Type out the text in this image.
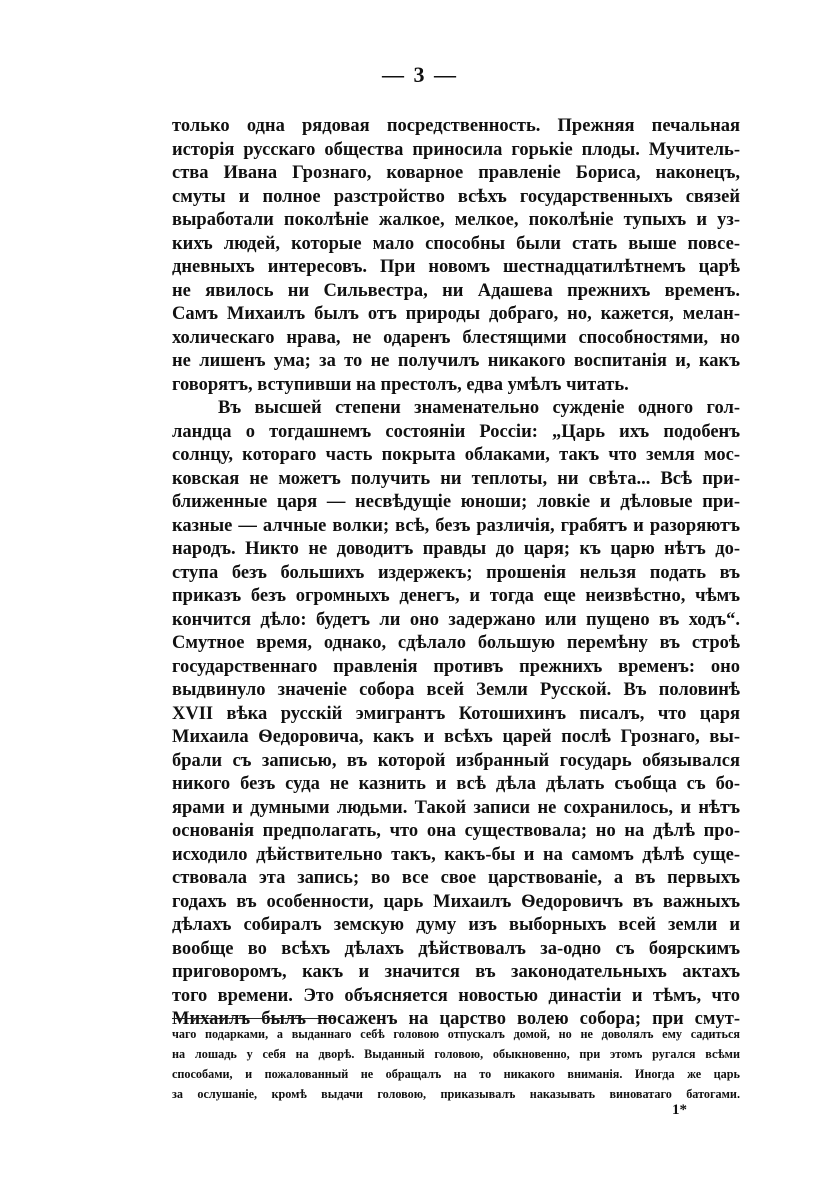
— 3 —
только одна рядовая посредственность. Прежняя печальная
исторія русскаго общества приносила горькіе плоды. Мучитель-
ства Ивана Грознаго, коварное правленіе Бориса, наконецъ,
смуты и полное разстройство всѣхъ государственныхъ связей
выработали поколѣніе жалкое, мелкое, поколѣніе тупыхъ и уз-
кихъ людей, которые мало способны были стать выше повсе-
дневныхъ интересовъ. При новомъ шестнадцатилѣтнемъ царѣ
не явилось ни Сильвестра, ни Адашева прежнихъ временъ.
Самъ Михаилъ былъ отъ природы добраго, но, кажется, мелан-
холическаго нрава, не одаренъ блестящими способностями, но
не лишенъ ума; за то не получилъ никакого воспитанія и, какъ
говорятъ, вступивши на престолъ, едва умѣлъ читать.
Въ высшей степени знаменательно сужденіе одного гол-
ландца о тогдашнемъ состояніи Россіи: „Царь ихъ подобенъ
солнцу, котораго часть покрыта облаками, такъ что земля мос-
ковская не можетъ получить ни теплоты, ни свѣта... Всѣ при-
ближенные царя — несвѣдущіе юноши; ловкіе и дѣловые при-
казные — алчные волки; всѣ, безъ различія, грабятъ и разоряютъ
народъ. Никто не доводитъ правды до царя; къ царю нѣтъ до-
ступа безъ большихъ издержекъ; прошенія нельзя подать въ
приказъ безъ огромныхъ денегъ, и тогда еще неизвѣстно, чѣмъ
кончится дѣло: будетъ ли оно задержано или пущено въ ходъ“.
Смутное время, однако, сдѣлало большую перемѣну въ строѣ
государственнаго правленія противъ прежнихъ временъ: оно
выдвинуло значеніе собора всей Земли Русской. Въ половинѣ
XVII вѣка русскій эмигрантъ Котошихинъ писалъ, что царя
Михаила Ѳедоровича, какъ и всѣхъ царей послѣ Грознаго, вы-
брали съ записью, въ которой избранный государь обязывался
никого безъ суда не казнить и всѣ дѣла дѣлать съобща съ бо-
ярами и думными людьми. Такой записи не сохранилось, и нѣтъ
основанія предполагать, что она существовала; но на дѣлѣ про-
исходило дѣйствительно такъ, какъ-бы и на самомъ дѣлѣ суще-
ствовала эта запись; во все свое царствованіе, а въ первыхъ
годахъ въ особенности, царь Михаилъ Ѳедоровичъ въ важныхъ
дѣлахъ собиралъ земскую думу изъ выборныхъ всей земли и
вообще во всѣхъ дѣлахъ дѣйствовалъ за-одно съ боярскимъ
приговоромъ, какъ и значится въ законодательныхъ актахъ
того времени. Это объясняется новостью династіи и тѣмъ, что
Михаилъ былъ посаженъ на царство волею собора; при смут-
чаго подарками, а выданнаго себѣ головою отпускалъ домой, но не доволялъ ему садиться
на лошадь у себя на дворѣ. Выданный головою, обыкновенно, при этомъ ругался всѣми
способами, и пожалованный не обращалъ на то никакого вниманія. Иногда же царь
за ослушаніе, кромѣ выдачи головою, приказывалъ наказывать виноватаго батогами.
1*
